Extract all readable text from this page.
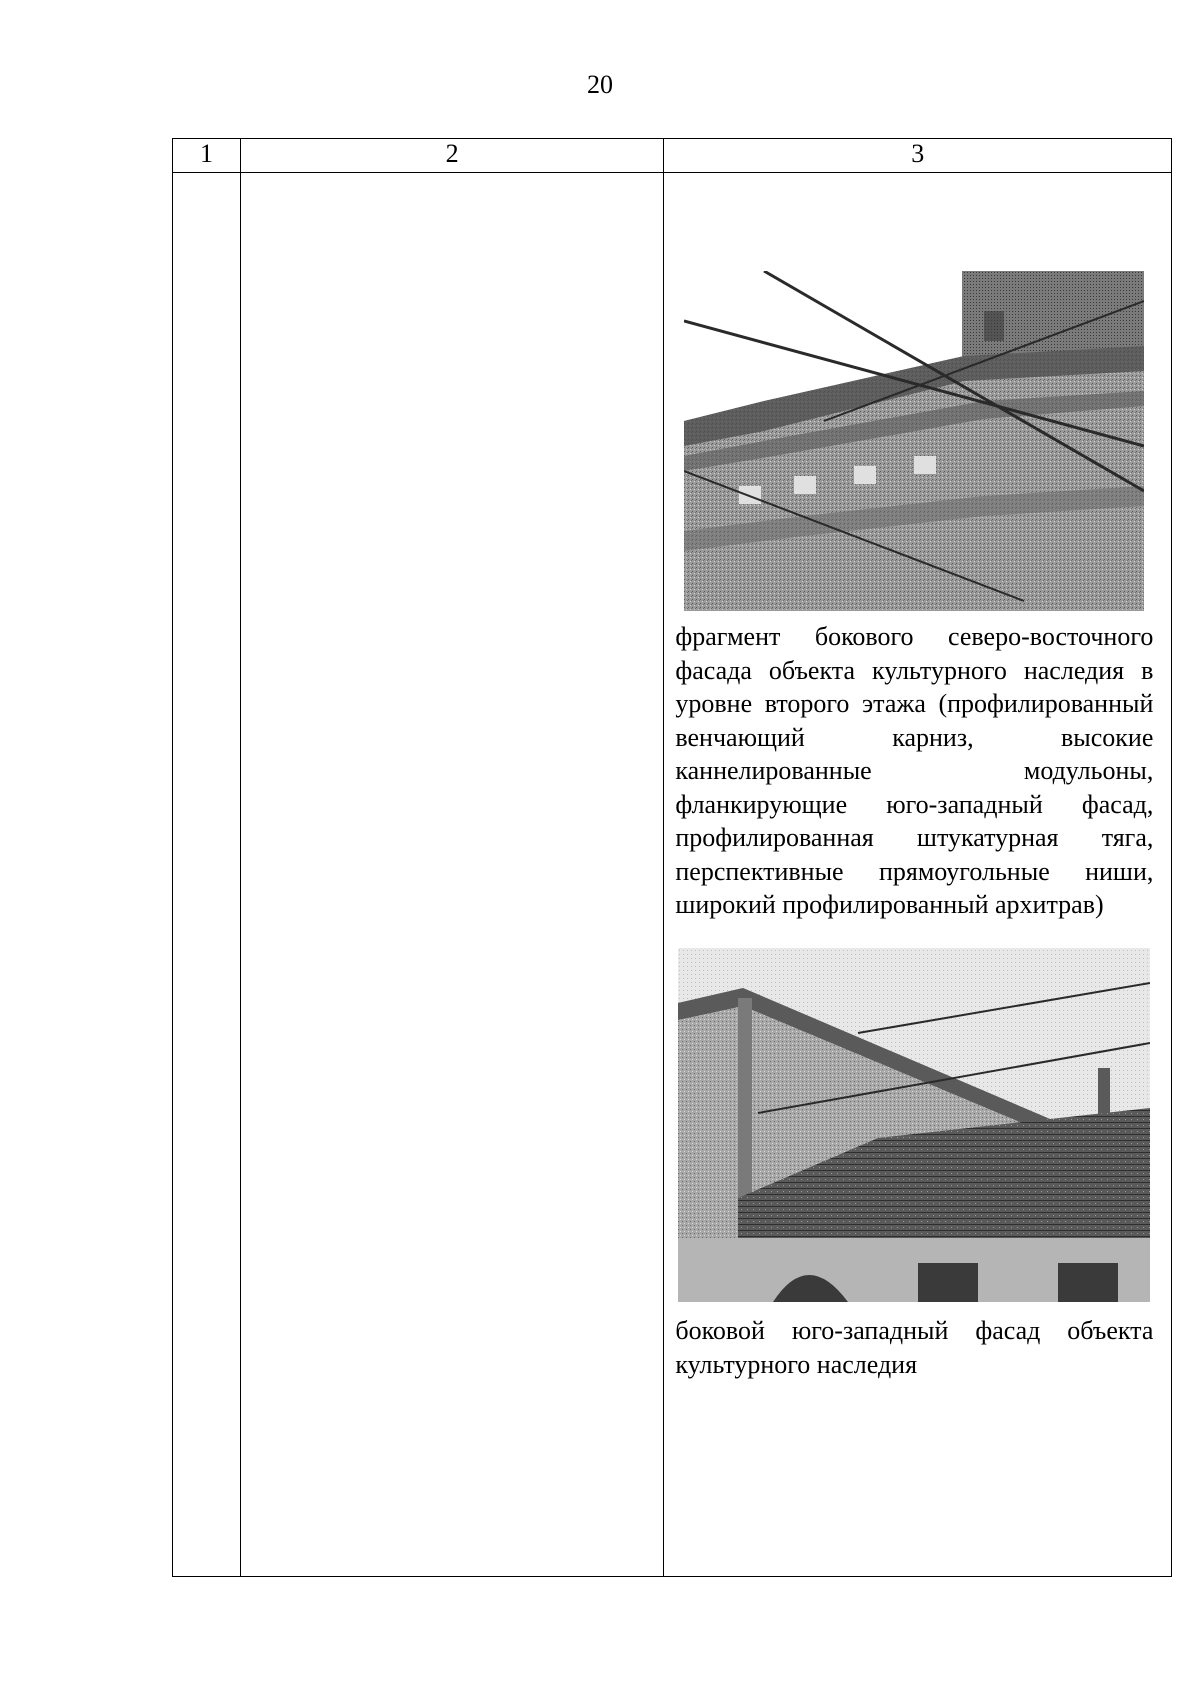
20
1	2	3

		фрагмент бокового северо-восточного фасада объекта культурного наследия в уровне второго этажа (профилированный венчающий карниз, высокие каннелированные модульоны, фланкирующие юго-западный фасад, профилированная штукатурная тяга, перспективные прямоугольные ниши, широкий профилированный архитрав)

боковой юго-западный фасад объекта культурного наследия
